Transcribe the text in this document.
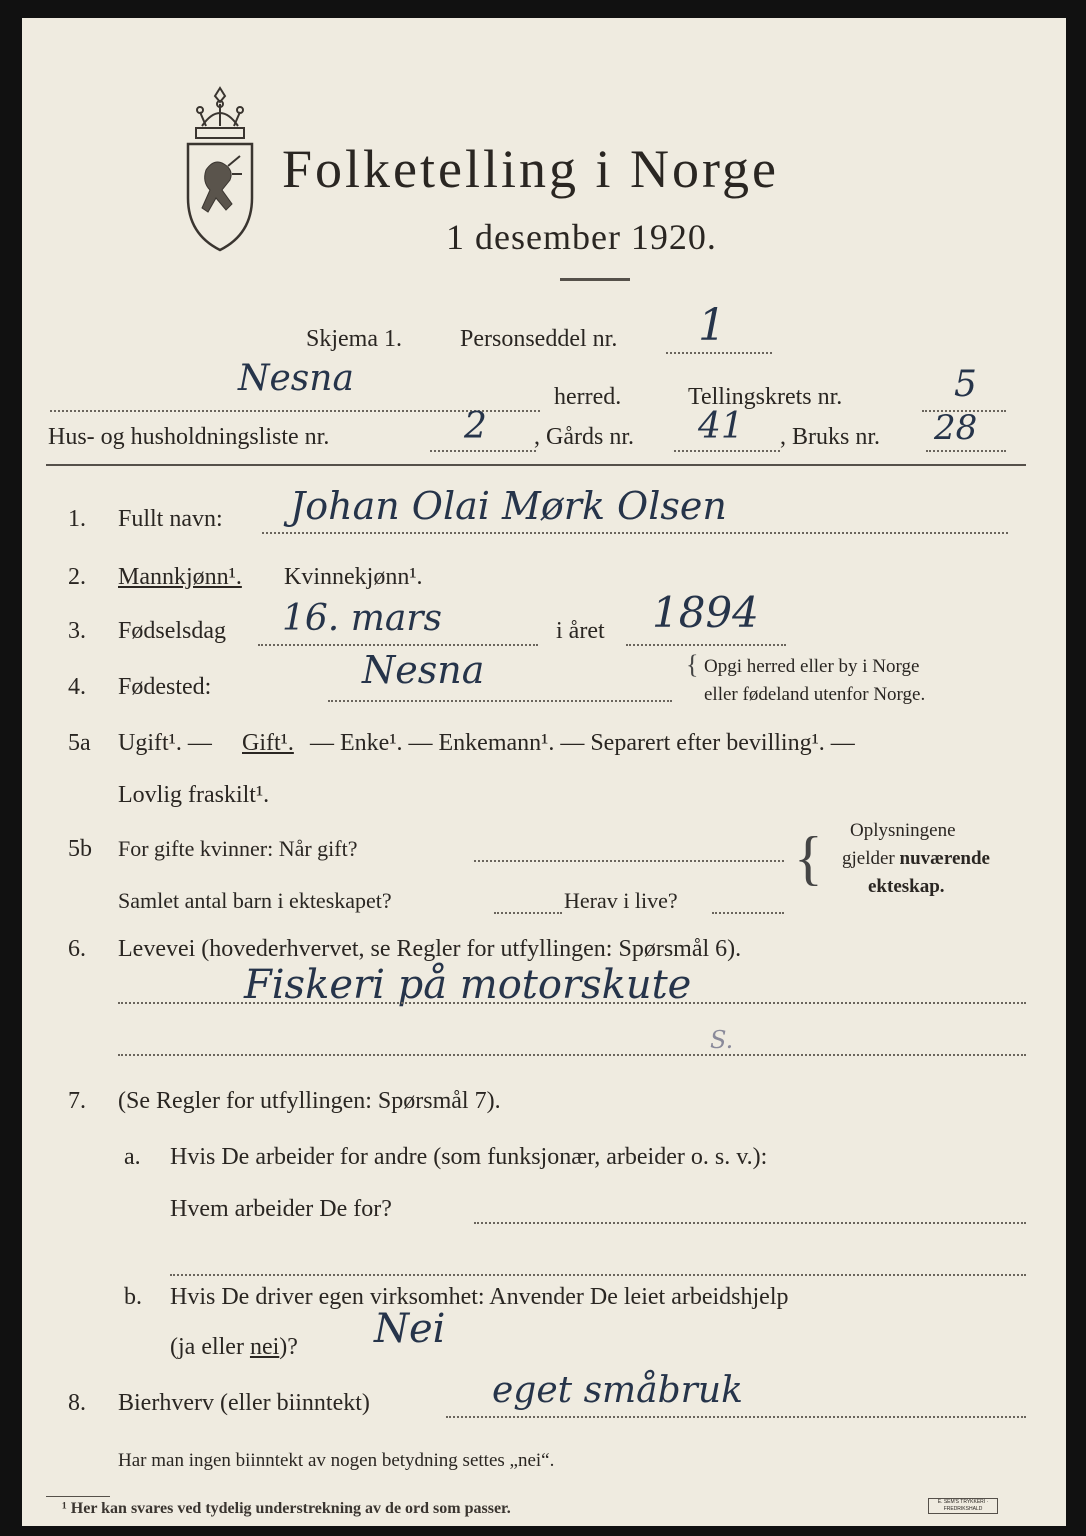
Folketelling i Norge
1 desember 1920.
Skjema 1. Personseddel nr. 1
Nesna	herred.	Tellingskrets nr.	5
Hus- og husholdningsliste nr.	2 , Gårds nr. 41 , Bruks nr. 28
1. Fullt navn: Johan Olai Mørk Olsen
2. Mannkjønn¹. Kvinnekjønn¹.
3. Fødselsdag 16. mars	i året 1894
4. Fødested:	Nesna	{ Opgi herred eller by i Norge
eller fødeland utenfor Norge.
5a Ugift¹. — Gift¹. — Enke¹. — Enkemann¹. — Separert efter bevilling¹. —
Lovlig fraskilt¹.
5b For gifte kvinner: Når gift?
Samlet antal barn i ekteskapet?	Herav i live?
{ Oplysningene
gjelder nuværende
ekteskap.
6. Levevei (hovederhvervet, se Regler for utfyllingen: Spørsmål 6).
Fiskeri på motorskute
S.
7. (Se Regler for utfyllingen: Spørsmål 7).
a. Hvis De arbeider for andre (som funksjonær, arbeider o. s. v.):
Hvem arbeider De for?
b. Hvis De driver egen virksomhet: Anvender De leiet arbeidshjelp
(ja eller nei)? Nei
8. Bierhverv (eller biinntekt)	eget småbruk
Har man ingen biinntekt av nogen betydning settes „nei“.
¹ Her kan svares ved tydelig understrekning av de ord som passer.	E. SEM'S TRYKKERI · FREDRIKSHALD
